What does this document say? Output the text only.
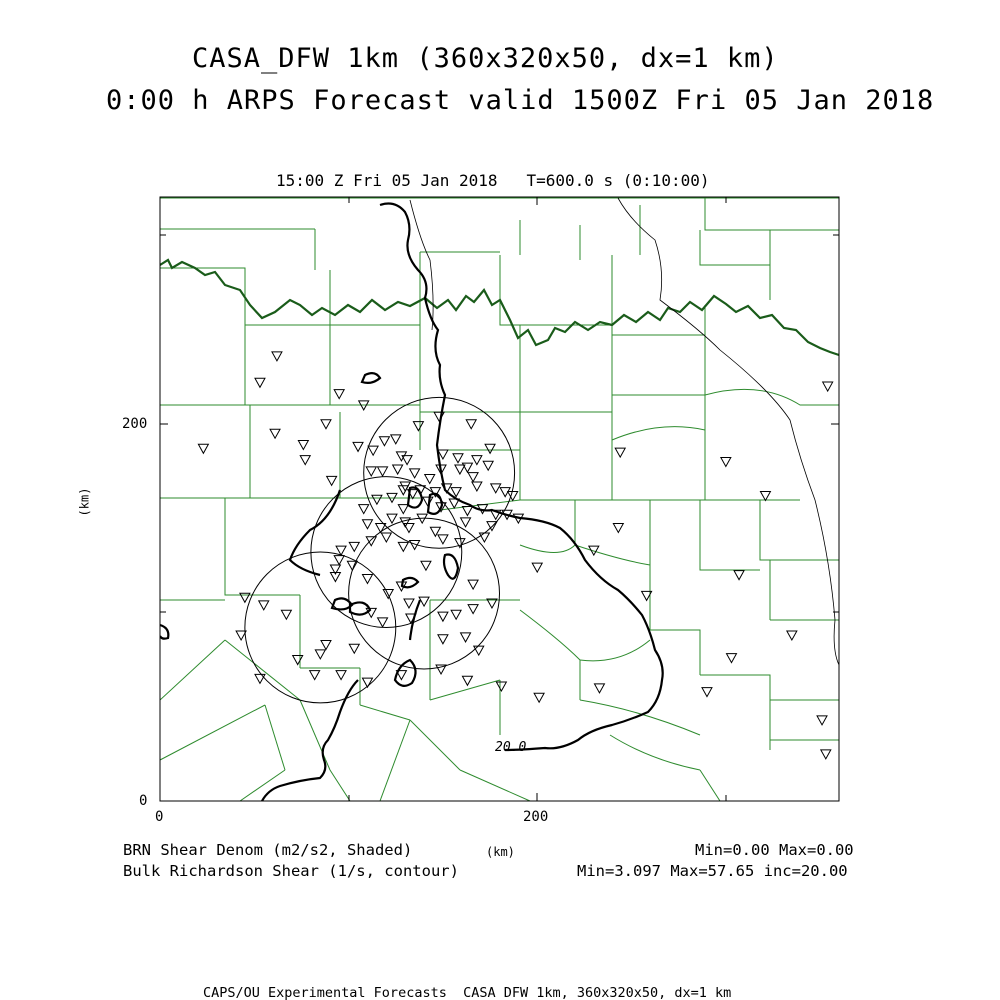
CASA_DFW 1km (360x320x50, dx=1 km)
0:00 h ARPS Forecast valid 1500Z Fri 05 Jan 2018
15:00 Z Fri 05 Jan 2018   T=600.0 s (0:10:00)
20.0
200
0
0	200
(km)
(km)
BRN Shear Denom (m2/s2, Shaded)	Min=0.00 Max=0.00
Bulk Richardson Shear (1/s, contour)	Min=3.097 Max=57.65 inc=20.00
CAPS/OU Experimental Forecasts  CASA DFW 1km, 360x320x50, dx=1 km
